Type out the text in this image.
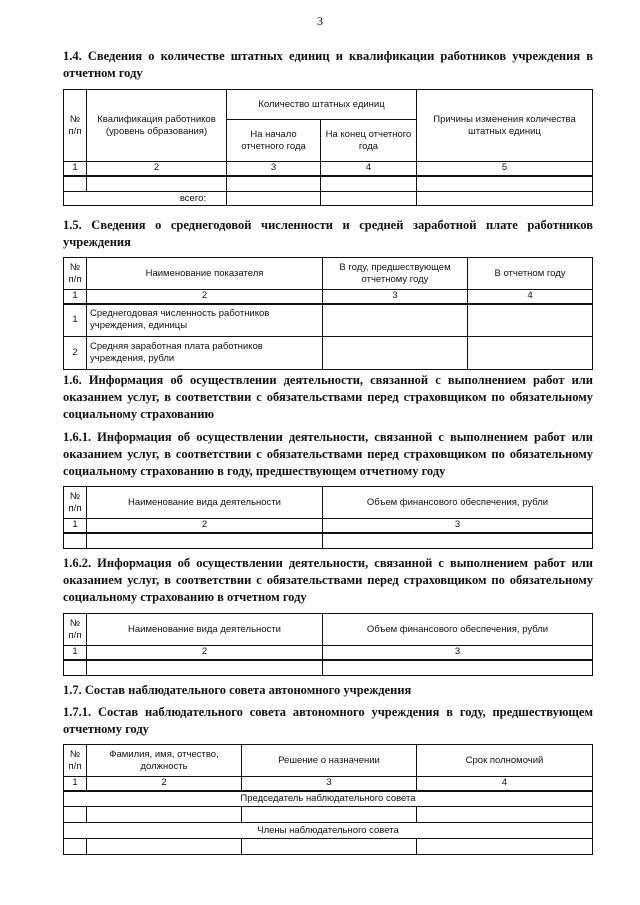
3
1.4. Сведения о количестве штатных единиц и квалификации работников учреждения в отчетном году
№ п/п	Квалификация работников (уровень образования)	Количество штатных единиц		Причины изменения количества штатных единиц
		На начало отчетного года	На конец отчетного года	
1	2	3	4	5

всего:				
1.5. Сведения о среднегодовой численности и средней заработной плате работников учреждения
№ п/п	Наименование показателя	В году, предшествующем отчетному году	В отчетном году
1	2	3	4
1	Среднегодовая численность работников учреждения, единицы		
2	Средняя заработная плата работников учреждения, рубли		
1.6. Информация об осуществлении деятельности, связанной с выполнением работ или оказанием услуг, в соответствии с обязательствами перед страховщиком по обязательному социальному страхованию
1.6.1. Информация об осуществлении деятельности, связанной с выполнением работ или оказанием услуг, в соответствии с обязательствами перед страховщиком по обязательному социальному страхованию в году, предшествующем отчетному году
№ п/п	Наименование вида деятельности	Объем финансового обеспечения, рубли
1	2	3

1.6.2. Информация об осуществлении деятельности, связанной с выполнением работ или оказанием услуг, в соответствии с обязательствами перед страховщиком по обязательному социальному страхованию в отчетном году
№ п/п	Наименование вида деятельности	Объем финансового обеспечения, рубли
1	2	3

1.7. Состав наблюдательного совета автономного учреждения
1.7.1. Состав наблюдательного совета автономного учреждения в году, предшествующем отчетному году
№ п/п	Фамилия, имя, отчество, должность	Решение о назначении	Срок полномочий
1	2	3	4
Председатель наблюдательного совета			

Члены наблюдательного совета			
